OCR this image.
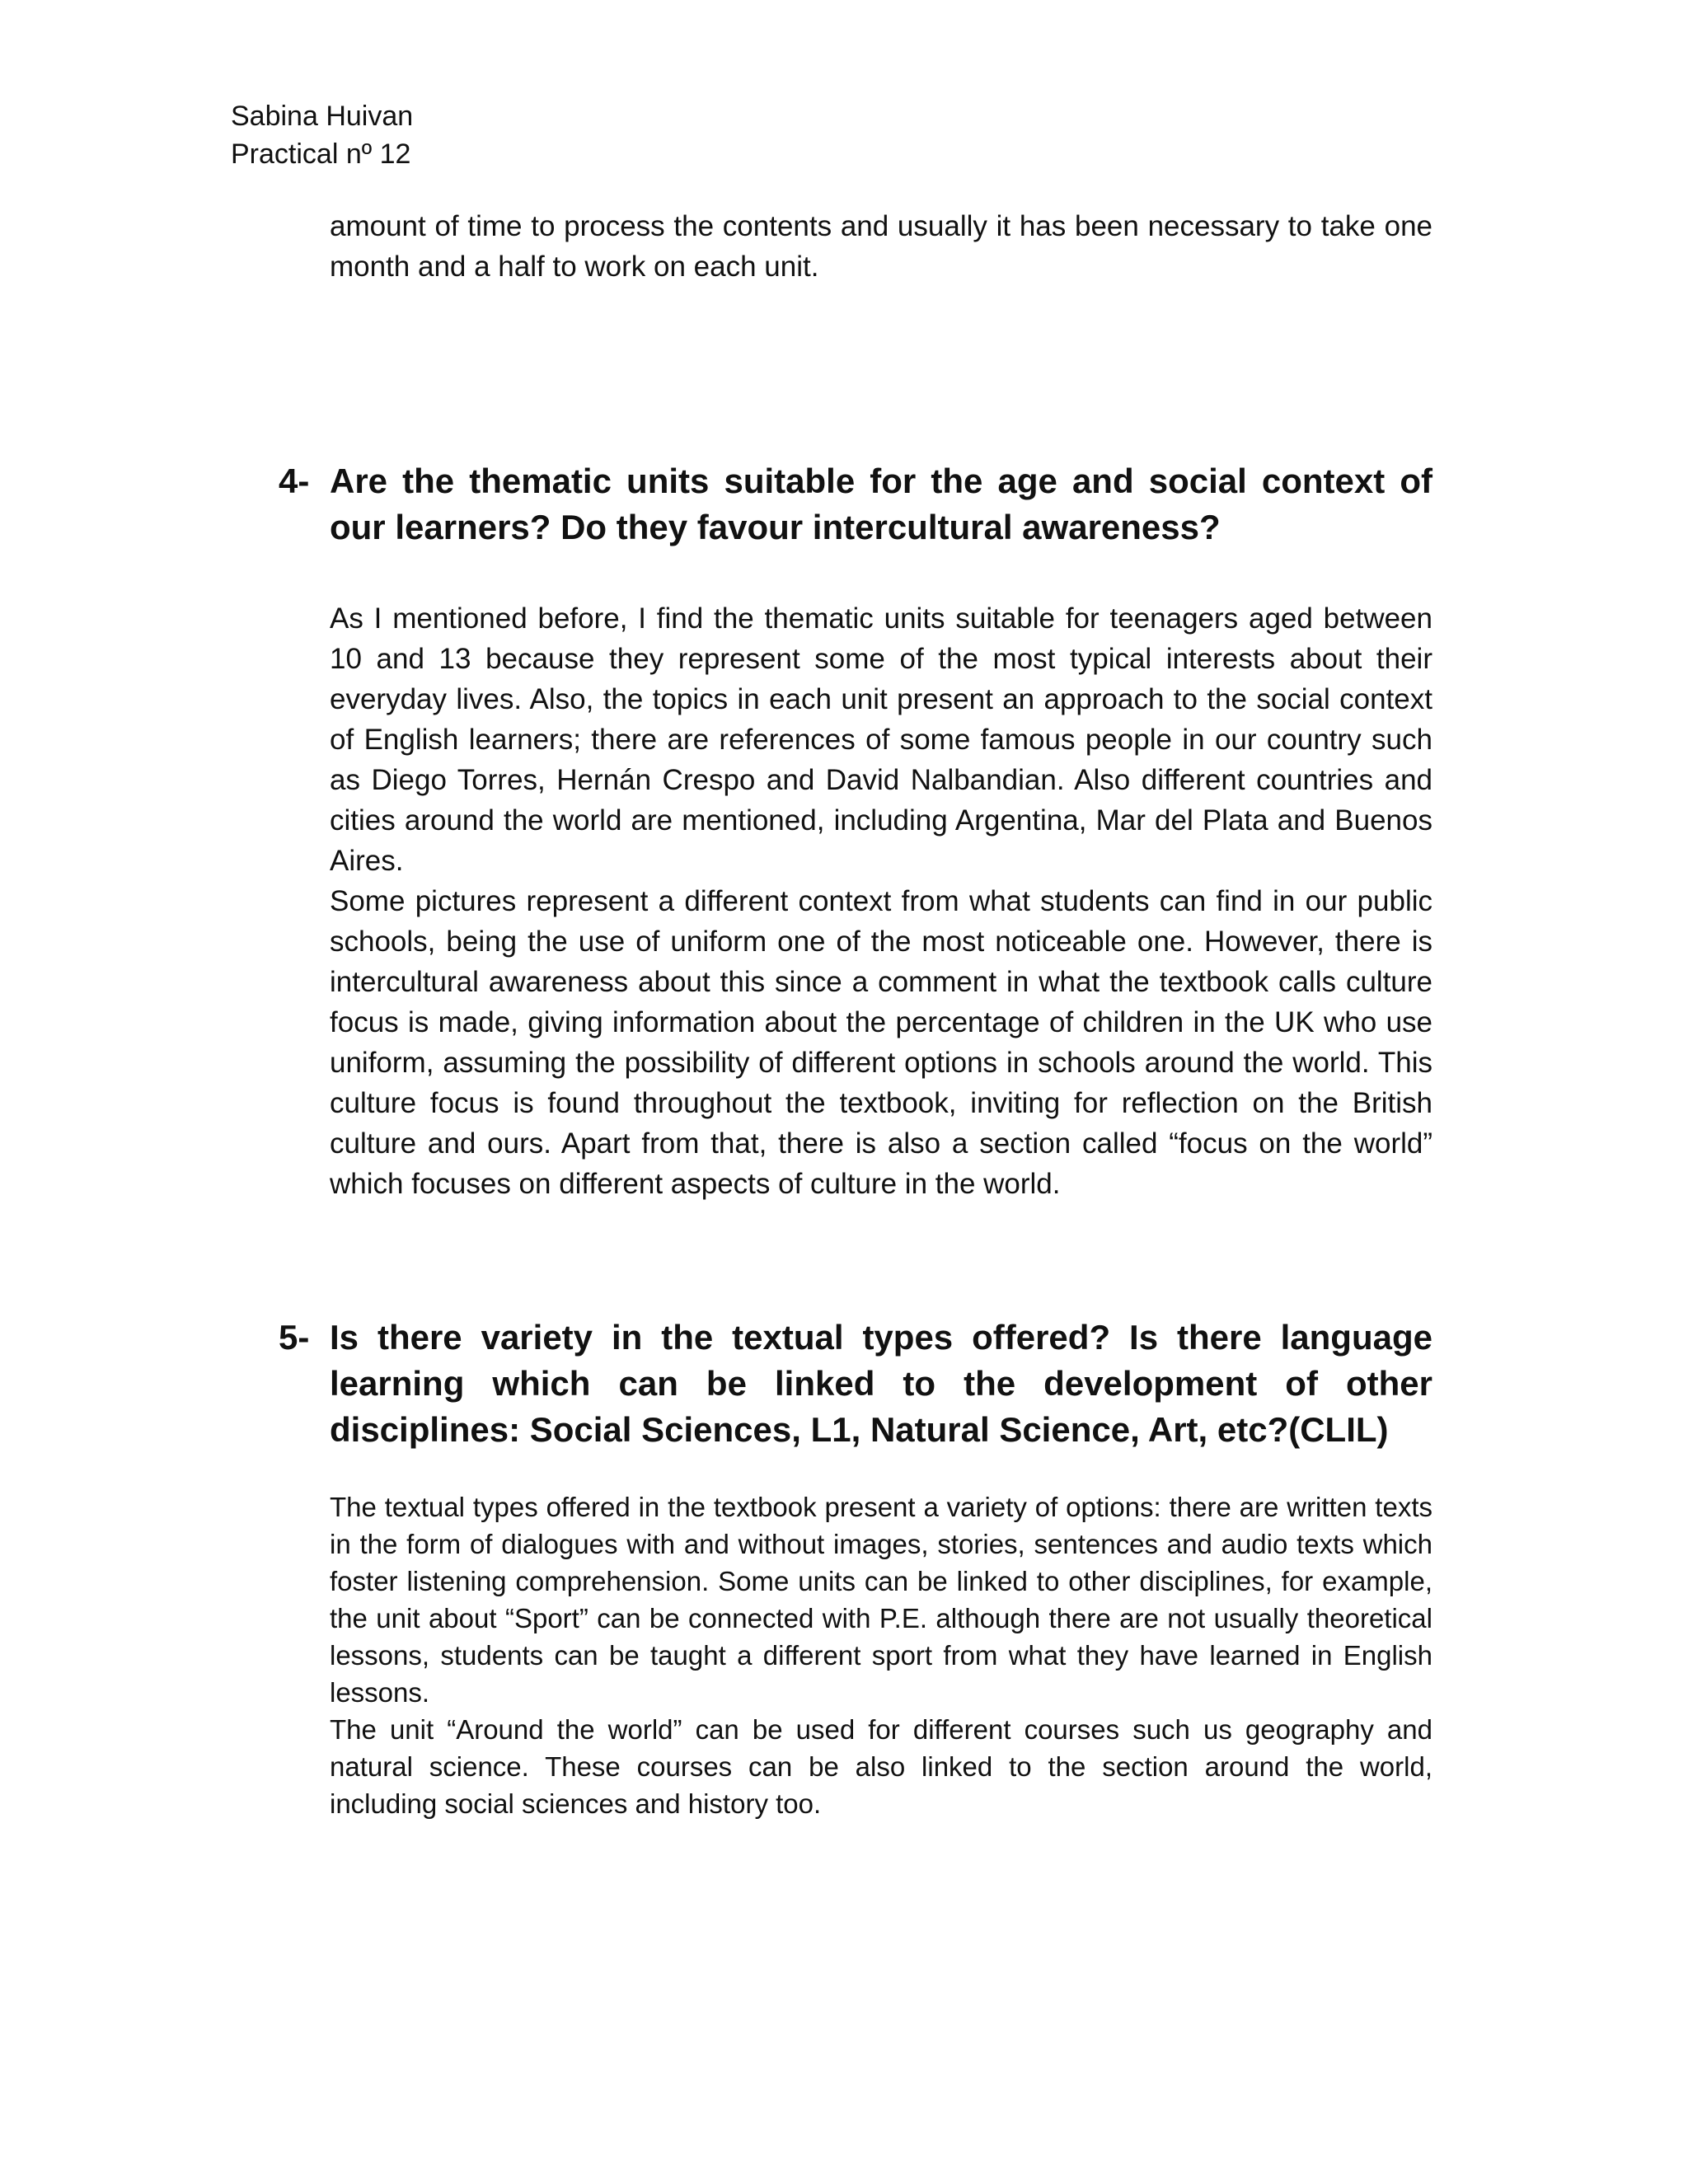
Sabina Huivan
Practical nº 12

amount of time to process the contents and usually it has been necessary to take one month and a half to work on each unit.

4- Are the thematic units suitable for the age and social context of our learners? Do they favour intercultural awareness?

As I mentioned before, I find the thematic units suitable for teenagers aged between 10 and 13 because they represent some of the most typical interests about their everyday lives. Also, the topics in each unit present an approach to the social context of English learners; there are references of some famous people in our country such as Diego Torres, Hernán Crespo and David Nalbandian. Also different countries and cities around the world are mentioned, including Argentina, Mar del Plata and Buenos Aires.

Some pictures represent a different context from what students can find in our public schools, being the use of uniform one of the most noticeable one. However, there is intercultural awareness about this since a comment in what the textbook calls culture focus is made, giving information about the percentage of children in the UK who use uniform, assuming the possibility of different options in schools around the world. This culture focus is found throughout the textbook, inviting for reflection on the British culture and ours. Apart from that, there is also a section called “focus on the world” which focuses on different aspects of culture in the world.

5- Is there variety in the textual types offered? Is there language learning which can be linked to the development of other disciplines: Social Sciences, L1, Natural Science, Art, etc?(CLIL)

The textual types offered in the textbook present a variety of options: there are written texts in the form of dialogues with and without images, stories, sentences and audio texts which foster listening comprehension. Some units can be linked to other disciplines, for example, the unit about “Sport” can be connected with P.E. although there are not usually theoretical lessons, students can be taught a different sport from what they have learned in English lessons.

The unit “Around the world” can be used for different courses such us geography and natural science. These courses can be also linked to the section around the world, including social sciences and history too.
